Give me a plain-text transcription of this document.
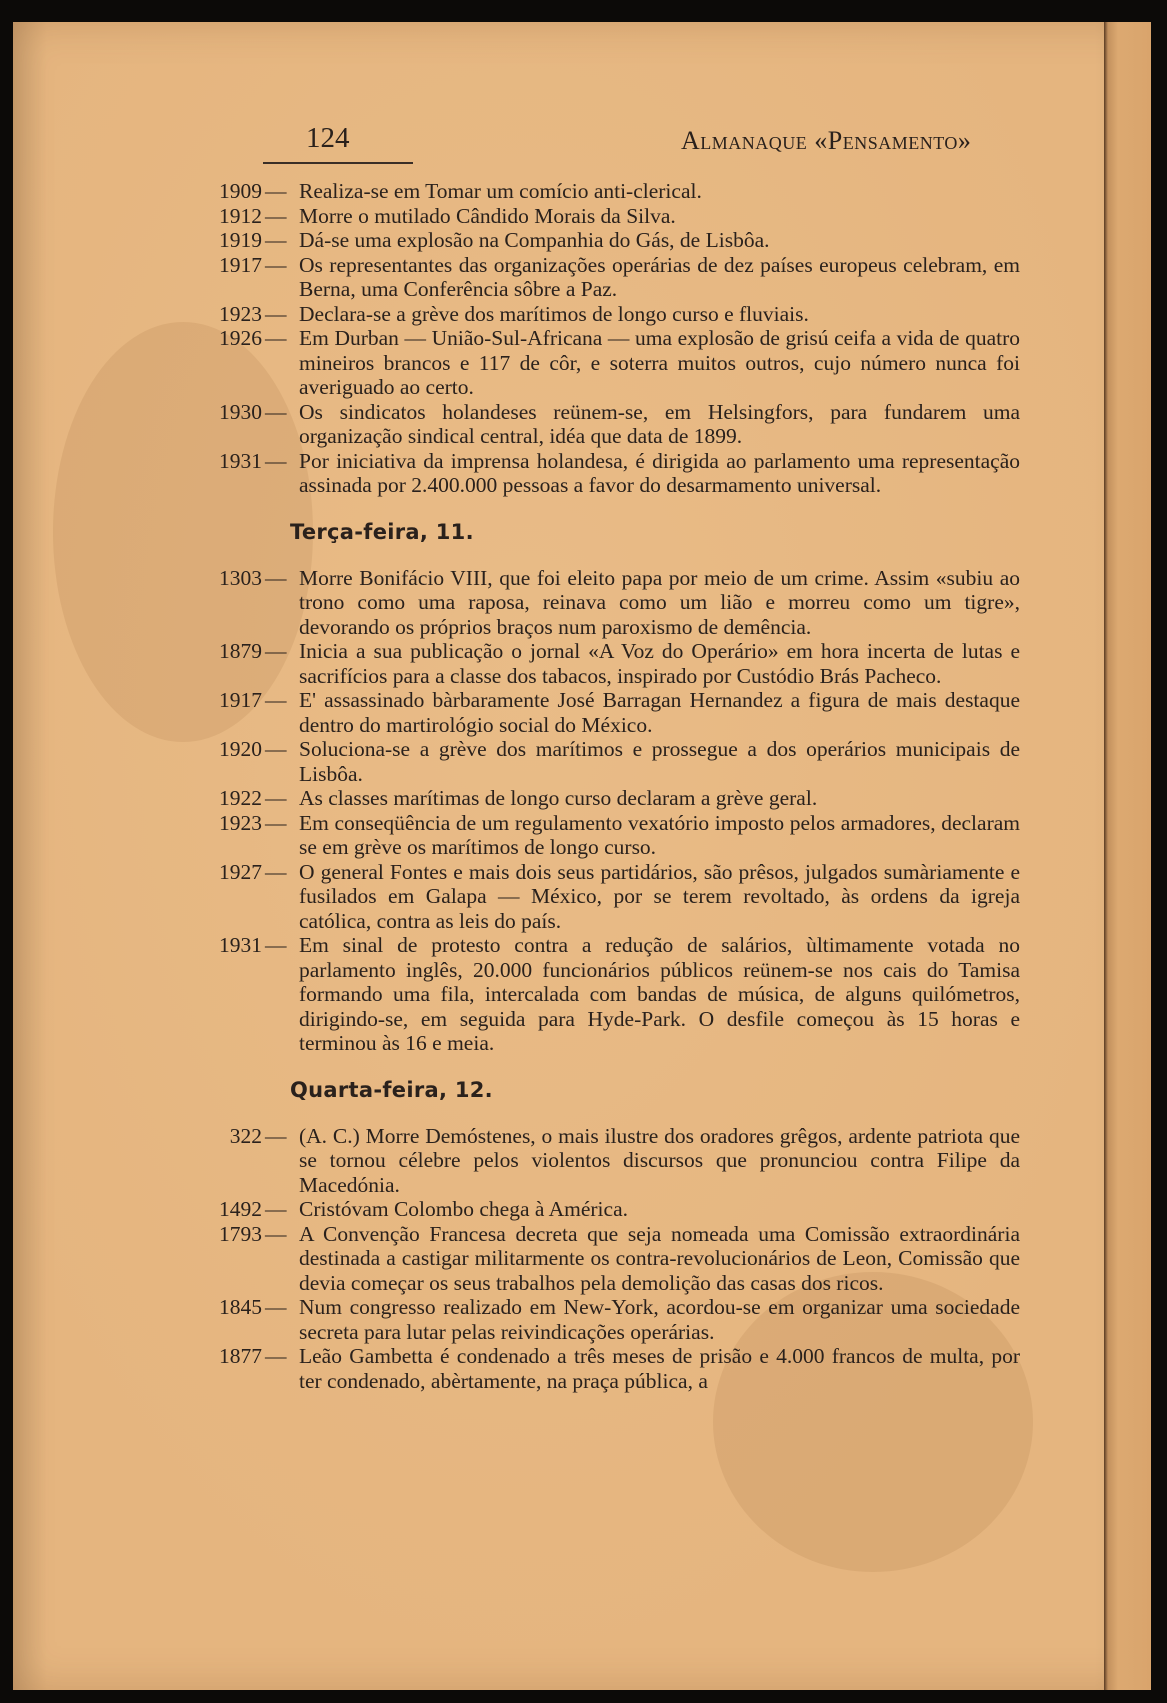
124	Almanaque «Pensamento»
1909 — Realiza-se em Tomar um comício anti-clerical.
1912 — Morre o mutilado Cândido Morais da Silva.
1919 — Dá-se uma explosão na Companhia do Gás, de Lisbôa.
1917 — Os representantes das organizações operárias de dez países europeus celebram, em Berna, uma Conferência sôbre a Paz.
1923 — Declara-se a grève dos marítimos de longo curso e fluviais.
1926 — Em Durban — União-Sul-Africana — uma explosão de grisú ceifa a vida de quatro mineiros brancos e 117 de côr, e soterra muitos outros, cujo número nunca foi averiguado ao certo.
1930 — Os sindicatos holandeses reünem-se, em Helsingfors, para fundarem uma organização sindical central, idéa que data de 1899.
1931 — Por iniciativa da imprensa holandesa, é dirigida ao parlamento uma representação assinada por 2.400.000 pessoas a favor do desarmamento universal.
Terça-feira, 11.
1303 — Morre Bonifácio VIII, que foi eleito papa por meio de um crime. Assim «subiu ao trono como uma raposa, reinava como um lião e morreu como um tigre», devorando os próprios braços num paroxismo de demência.
1879 — Inicia a sua publicação o jornal «A Voz do Operário» em hora incerta de lutas e sacrifícios para a classe dos tabacos, inspirado por Custódio Brás Pacheco.
1917 — E' assassinado bàrbaramente José Barragan Hernandez a figura de mais destaque dentro do martirológio social do México.
1920 — Soluciona-se a grève dos marítimos e prossegue a dos operários municipais de Lisbôa.
1922 — As classes marítimas de longo curso declaram a grève geral.
1923 — Em conseqüência de um regulamento vexatório imposto pelos armadores, declaram se em grève os marítimos de longo curso.
1927 — O general Fontes e mais dois seus partidários, são prêsos, julgados sumàriamente e fusilados em Galapa — México, por se terem revoltado, às ordens da igreja católica, contra as leis do país.
1931 — Em sinal de protesto contra a redução de salários, ùltimamente votada no parlamento inglês, 20.000 funcionários públicos reünem-se nos cais do Tamisa formando uma fila, intercalada com bandas de música, de alguns quilómetros, dirigindo-se, em seguida para Hyde-Park. O desfile começou às 15 horas e terminou às 16 e meia.
Quarta-feira, 12.
322 — (A. C.) Morre Demóstenes, o mais ilustre dos oradores grêgos, ardente patriota que se tornou célebre pelos violentos discursos que pronunciou contra Filipe da Macedónia.
1492 — Cristóvam Colombo chega à América.
1793 — A Convenção Francesa decreta que seja nomeada uma Comissão extraordinária destinada a castigar militarmente os contra-revolucionários de Leon, Comissão que devia começar os seus trabalhos pela demolição das casas dos ricos.
1845 — Num congresso realizado em New-York, acordou-se em organizar uma sociedade secreta para lutar pelas reivindicações operárias.
1877 — Leão Gambetta é condenado a três meses de prisão e 4.000 francos de multa, por ter condenado, abèrtamente, na praça pública, a
